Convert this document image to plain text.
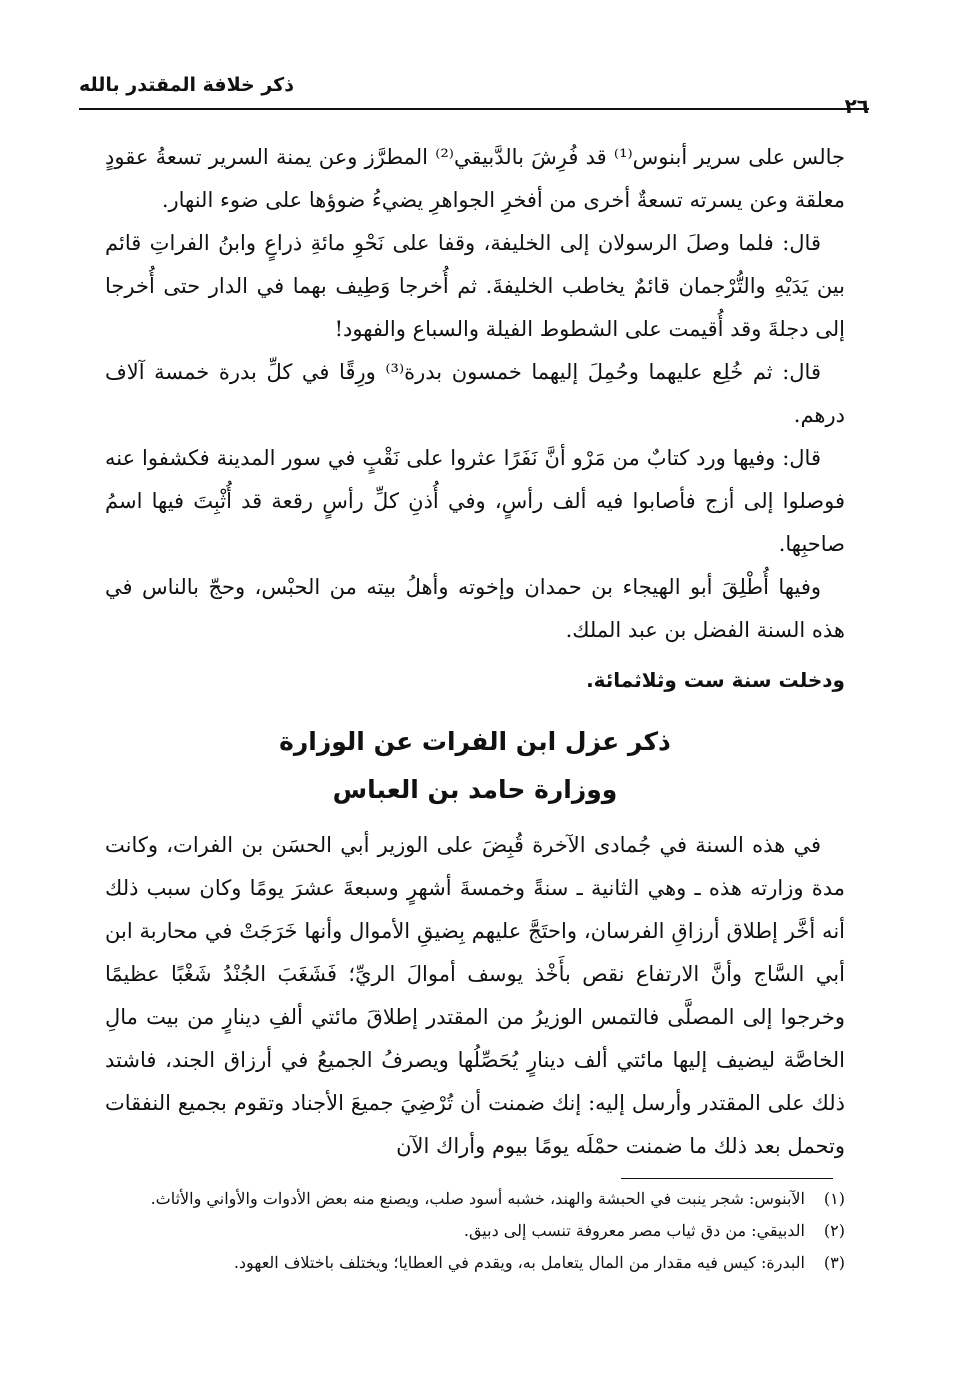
ذكر خلافة المقتدر بالله
٢٦

جالس على سرير أبنوس⁽¹⁾ قد فُرِشَ بالدَّبيقي⁽²⁾ المطرَّز وعن يمنة السرير تسعةُ عقودٍ معلقة وعن يسرته تسعةٌ أخرى من أفخرِ الجواهرِ يضيءُ ضوؤها على ضوء النهار.

قال: فلما وصلَ الرسولان إلى الخليفة، وقفا على نَحْوِ مائةِ ذراعٍ وابنُ الفراتِ قائم بين يَدَيْهِ والتُّرْجمان قائمٌ يخاطب الخليفةَ. ثم أُخرجا وَطِيف بهما في الدار حتى أُخرجا إلى دجلةَ وقد أُقيمت على الشطوط الفيلة والسباع والفهود!

قال: ثم خُلِع عليهما وحُمِلَ إليهما خمسون بدرة⁽³⁾ ورِقًا في كلِّ بدرة خمسة آلاف درهم.

قال: وفيها ورد كتابٌ من مَرْو أنَّ نَفَرًا عثروا على نَقْبٍ في سور المدينة فكشفوا عنه فوصلوا إلى أزج فأصابوا فيه ألف رأسٍ، وفي أُذنِ كلِّ رأسٍ رقعة قد أُثْبِتَ فيها اسمُ صاحبِها.

وفيها أُطْلِقَ أبو الهيجاء بن حمدان وإخوته وأهلُ بيته من الحبْس، وحجّ بالناس في هذه السنة الفضل بن عبد الملك.

ودخلت سنة ست وثلاثمائة.
ذكر عزل ابن الفرات عن الوزارة
ووزارة حامد بن العباس

في هذه السنة في جُمادى الآخرة قُبِضَ على الوزير أبي الحسَن بن الفرات، وكانت مدة وزارته هذه ـ وهي الثانية ـ سنةً وخمسةَ أشهرٍ وسبعةَ عشرَ يومًا وكان سبب ذلك أنه أخَّر إطلاق أرزاقِ الفرسان، واحتَجَّ عليهم بِضيقِ الأموال وأنها خَرَجَتْ في محاربة ابن أبي السَّاج وأنَّ الارتفاع نقص بأَخْذ يوسف أموالَ الريِّ؛ فَشَغَبَ الجُنْدُ شَغْبًا عظيمًا وخرجوا إلى المصلَّى فالتمس الوزيرُ من المقتدر إطلاقَ مائتي ألفِ دينارٍ من بيت مالِ الخاصَّة ليضيف إليها مائتي ألف دينارٍ يُحَصِّلُها ويصرفُ الجميعُ في أرزاق الجند، فاشتد ذلك على المقتدر وأرسل إليه: إنك ضمنت أن تُرْضِيَ جميعَ الأجناد وتقوم بجميع النفقات وتحمل بعد ذلك ما ضمنت حمْلَه يومًا بيوم وأراك الآن

(١)
الآبنوس: شجر ينبت في الحبشة والهند، خشبه أسود صلب، ويصنع منه بعض الأدوات والأواني والأثاث.
(٢)
الدبيقي: من دق ثياب مصر معروفة تنسب إلى دبيق.
(٣)
البدرة: كيس فيه مقدار من المال يتعامل به، ويقدم في العطايا؛ ويختلف باختلاف العهود.
